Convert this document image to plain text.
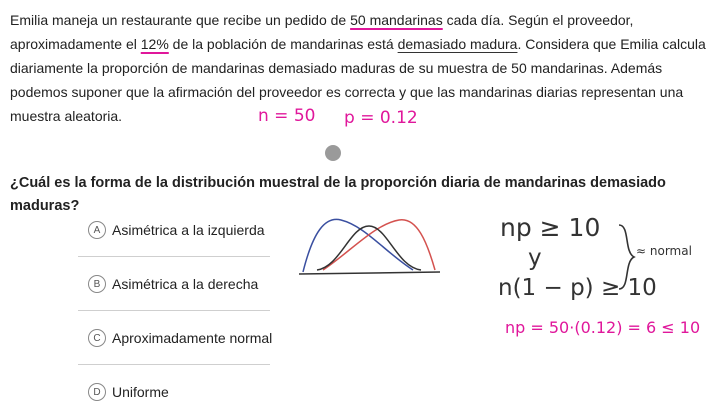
Emilia maneja un restaurante que recibe un pedido de 50 mandarinas cada día. Según el proveedor, aproximadamente el 12% de la población de mandarinas está demasiado madura. Considera que Emilia calcula diariamente la proporción de mandarinas demasiado maduras de su muestra de 50 mandarinas. Además podemos suponer que la afirmación del proveedor es correcta y que las mandarinas diarias representan una muestra aleatoria.	n = 50 p = 0.12
¿Cuál es la forma de la distribución muestral de la proporción diaria de mandarinas demasiado maduras?
A Asimétrica a la izquierda
B Asimétrica a la derecha
C Aproximadamente normal
D Uniforme
np ≥ 10
y
n(1 − p) ≥ 10
≈ normal
np = 50·(0.12) = 6 ≤ 10
